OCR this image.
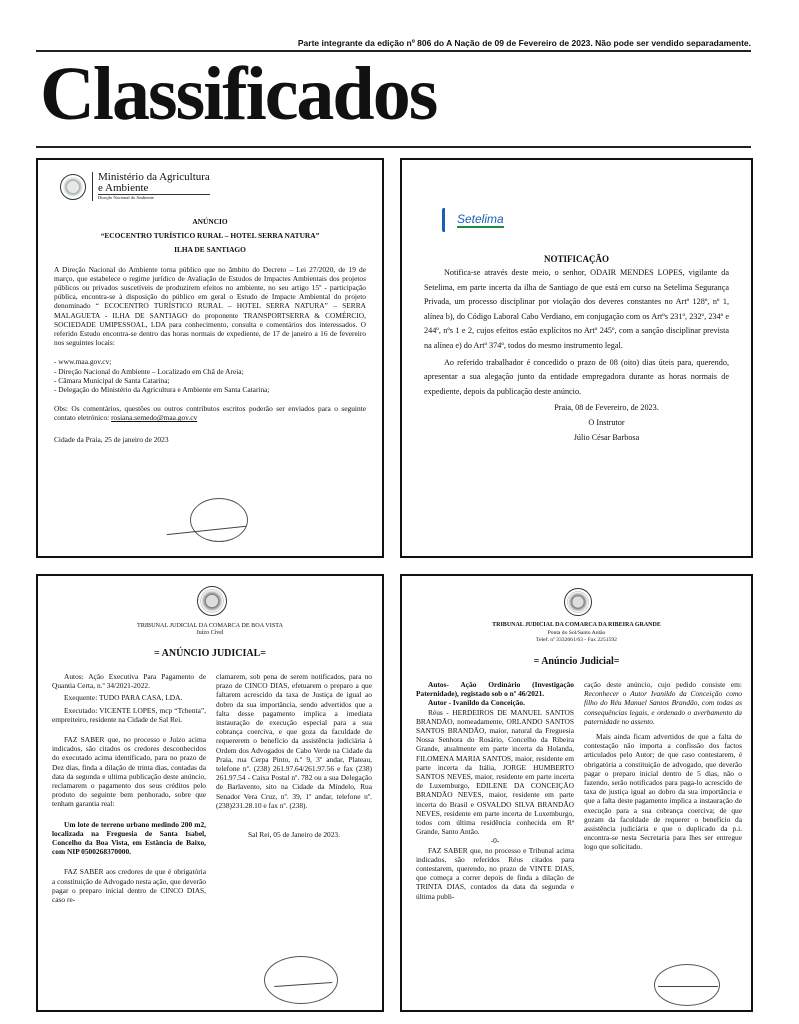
Parte integrante da edição nº 806 do A Nação de 09 de Fevereiro de 2023. Não pode ser vendido separadamente.
Classificados
Ministério da Agricultura
e Ambiente
Direção Nacional do Ambiente

ANÚNCIO

“ECOCENTRO TURÍSTICO RURAL – HOTEL SERRA NATURA”

ILHA DE SANTIAGO

A Direção Nacional do Ambiente torna público que no âmbito do Decreto – Lei 27/2020, de 19 de março, que estabelece o regime jurídico de Avaliação de Estudos de Impactes Ambientais dos projetos públicos ou privados suscetíveis de produzirem efeitos no ambiente, no seu artigo 15º - participação pública, encontra-se à disposição do público em geral o Estudo de Impacte Ambiental do projeto denominado “ ECOCENTRO TURÍSTICO RURAL – HOTEL SERRA NATURA” – SERRA MALAGUETA - ILHA DE SANTIAGO do proponente TRANSPORTSERRA & COMÉRCIO, SOCIEDADE UMIPESSOAL, LDA para conhecimento, consulta e comentários dos interessados. O referido Estudo encontra-se dentro das horas normais de expediente, de 17 de janeiro a 16 de fevereiro nos seguintes locais:

- www.maa.gov.cv;

- Direção Nacional do Ambiente – Localizado em Chã de Areia;

- Câmara Municipal de Santa Catarina;

- Delegação do Ministério da Agricultura e Ambiente em Santa Catarina;

Obs: Os comentários, questões ou outros contributos escritos poderão ser enviados para o seguinte contato eletrónico: rosiana.semedo@maa.gov.cv

Cidade da Praia, 25 de janeiro de 2023

Setelima

NOTIFICAÇÃO

Notifica-se através deste meio, o senhor, ODAIR MENDES LOPES, vigilante da Setelima, em parte incerta da ilha de Santiago de que está em curso na Setelima Segurança Privada, um processo disciplinar por violação dos deveres constantes no Artº 128º, nº 1, alínea b), do Código Laboral Cabo Verdiano, em conjugação com os Artºs 231º, 232º, 234º e 244º, nºs 1 e 2, cujos efeitos estão explícitos no Artº 245º, com a sanção disciplinar prevista na alínea e) do Artº 374º, todos do mesmo instrumento legal.

Ao referido trabalhador é concedido o prazo de 08 (oito) dias úteis para, querendo, apresentar a sua alegação junto da entidade empregadora durante as horas normais de expediente, depois da publicação deste anúncio.

Praia, 08 de Fevereiro, de 2023.

O Instrutor

Júlio César Barbosa

TRIBUNAL JUDICIAL DA COMARCA DE BOA VISTA

Juízo Cível

= ANÚNCIO JUDICIAL=

Autos: Ação Executiva Para Pagamento de Quantia Certa, n.º 34/2021-2022.

Exequente: TUDO PARA CASA, LDA.

Executado: VICENTE LOPES, mcp “Tchenta”, empreiteiro, residente na Cidade de Sal Rei.

FAZ SABER que, no processo e Juízo acima indicados, são citados os credores desconhecidos do executado acima identificado, para no prazo de Dez dias, finda a dilação de trinta dias, contadas da data da segunda e ultima publicação deste anúncio, reclamarem o pagamento dos seus créditos pelo produto do seguinte bem penhorado, sobre que tenham garantia real:

Um lote de terreno urbano medindo 200 m2, localizada na Freguesia de Santa Isabel, Concelho da Boa Vista, em Estância de Baixo, com NIP 0500268370000.

FAZ SABER aos credores de que é obrigatória a constituição de Advogado nesta ação, que deverão pagar o preparo inicial dentro de CINCO DIAS, caso re-

clamarem, sob pena de serem notificados, para no prazo de CINCO DIAS, efetuarem o preparo a que faltarem acrescido da taxa de Justiça de igual ao dobro da sua importância, sendo advertidos que a falta desse pagamento implica a imediata instauração de execução especial para a sua cobrança coerciva, e que goza da faculdade de requererem o benefício da assistência judiciária à Ordem dos Advogados de Cabo Verde na Cidade da Praia, rua Cerpa Pinto, n.º 9, 3º andar, Plateau, telefone nº. (238) 261.97.64/261.97.56 e fax (238) 261.97.54 - Caixa Postal nº. 782 ou a sua Delegação de Barlavento, sito na Cidade da Mindelo, Rua Senador Vera Cruz, nº. 39, 1º andar, telefone nº. (238)231.28.10 e fax nº. (238).

Sal Rei, 05 de Janeiro de 2023.

TRIBUNAL JUDICIAL DA COMARCA DA RIBEIRA GRANDE

Ponta do Sol/Santo Antão

Telef. nº 3332661/63 - Fax 2251592

= Anúncio Judicial=

Autos- Ação Ordinário (Investigação Paternidade), registado sob o nº 46/2021.

Autor - Ivanildo da Conceição.

Réus - HERDEIROS DE MANUEL SANTOS BRANDÃO, nomeadamente, ORLANDO SANTOS SANTOS BRANDÃO, maior, natural da Freguesia Nossa Senhora do Rosário, Concelho da Ribeira Grande, atualmente em parte incerta da Holanda, FILOMENA MARIA SANTOS, maior, residente em parte incerta da Itália, JORGE HUMBERTO SANTOS NEVES, maior, residente em parte incerta de Luxemburgo, EDILENE DA CONCEIÇÃO BRANDÃO NEVES, maior, residente em parte incerta do Brasil e OSVALDO SILVA BRANDÃO NEVES, residente em parte incerta de Luxemburgo, todos com última residência conhecida em Rª Grande, Santo Antão.

-0-

FAZ SABER que, no processo e Tribunal acima indicados, são referidos Réus citados para contestarem, querendo, no prazo de VINTE DIAS, que começa a correr depois de finda a dilação de TRINTA DIAS, contados da data da segunda e última publi-

cação deste anúncio, cujo pedido consiste em: Reconhecer o Autor Ivanildo da Conceição como filho do Réu Manuel Santos Brandão, com todas as consequências legais, e ordenado o averbamento da paternidade no assento.

Mais ainda ficam advertidos de que a falta de contestação não importa a confissão dos factos articulados pelo Autor; de que caso contestarem, é obrigatória a constituição de advogado, que deverão pagar o preparo inicial dentro de 5 dias, não o fazendo, serão notificados para paga-lo acrescido de taxa de justiça igual ao dobro da sua importância e que a falta deste pagamento implica a instauração de execução para a sua cobrança coerciva; de que gozam da faculdade de requerer o benefício da assistência judiciária e que o duplicado da p.i. encontra-se nesta Secretaria para lhes ser entregue logo que solicitado.
